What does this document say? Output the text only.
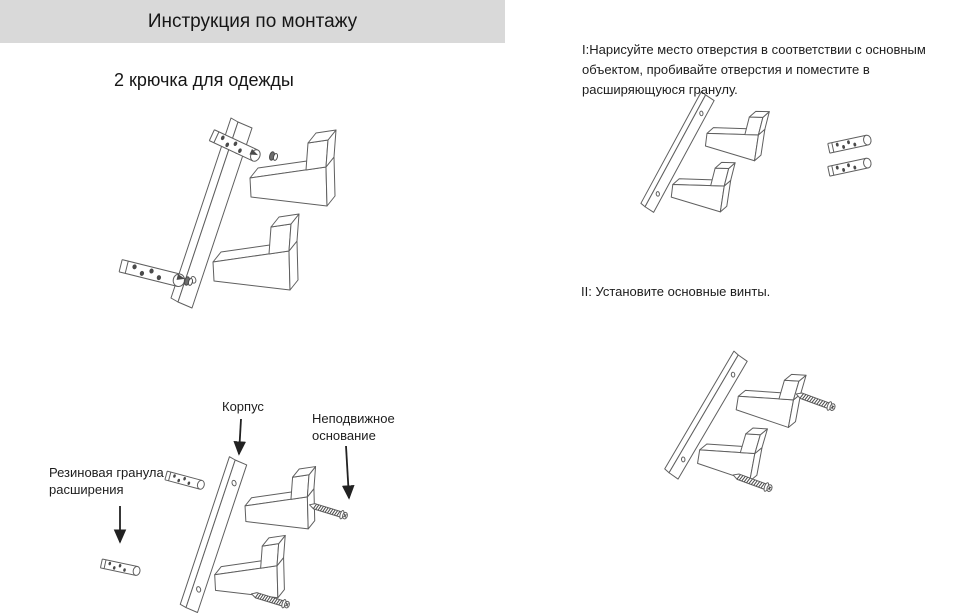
Инструкция по монтажу
2 крючка для одежды
I:Нарисуйте место отверстия в соответствии с основным объектом, пробивайте отверстия и поместите в расширяющуюся гранулу.
II: Установите основные винты.
Корпус
Неподвижное основание
Резиновая гранула расширения
